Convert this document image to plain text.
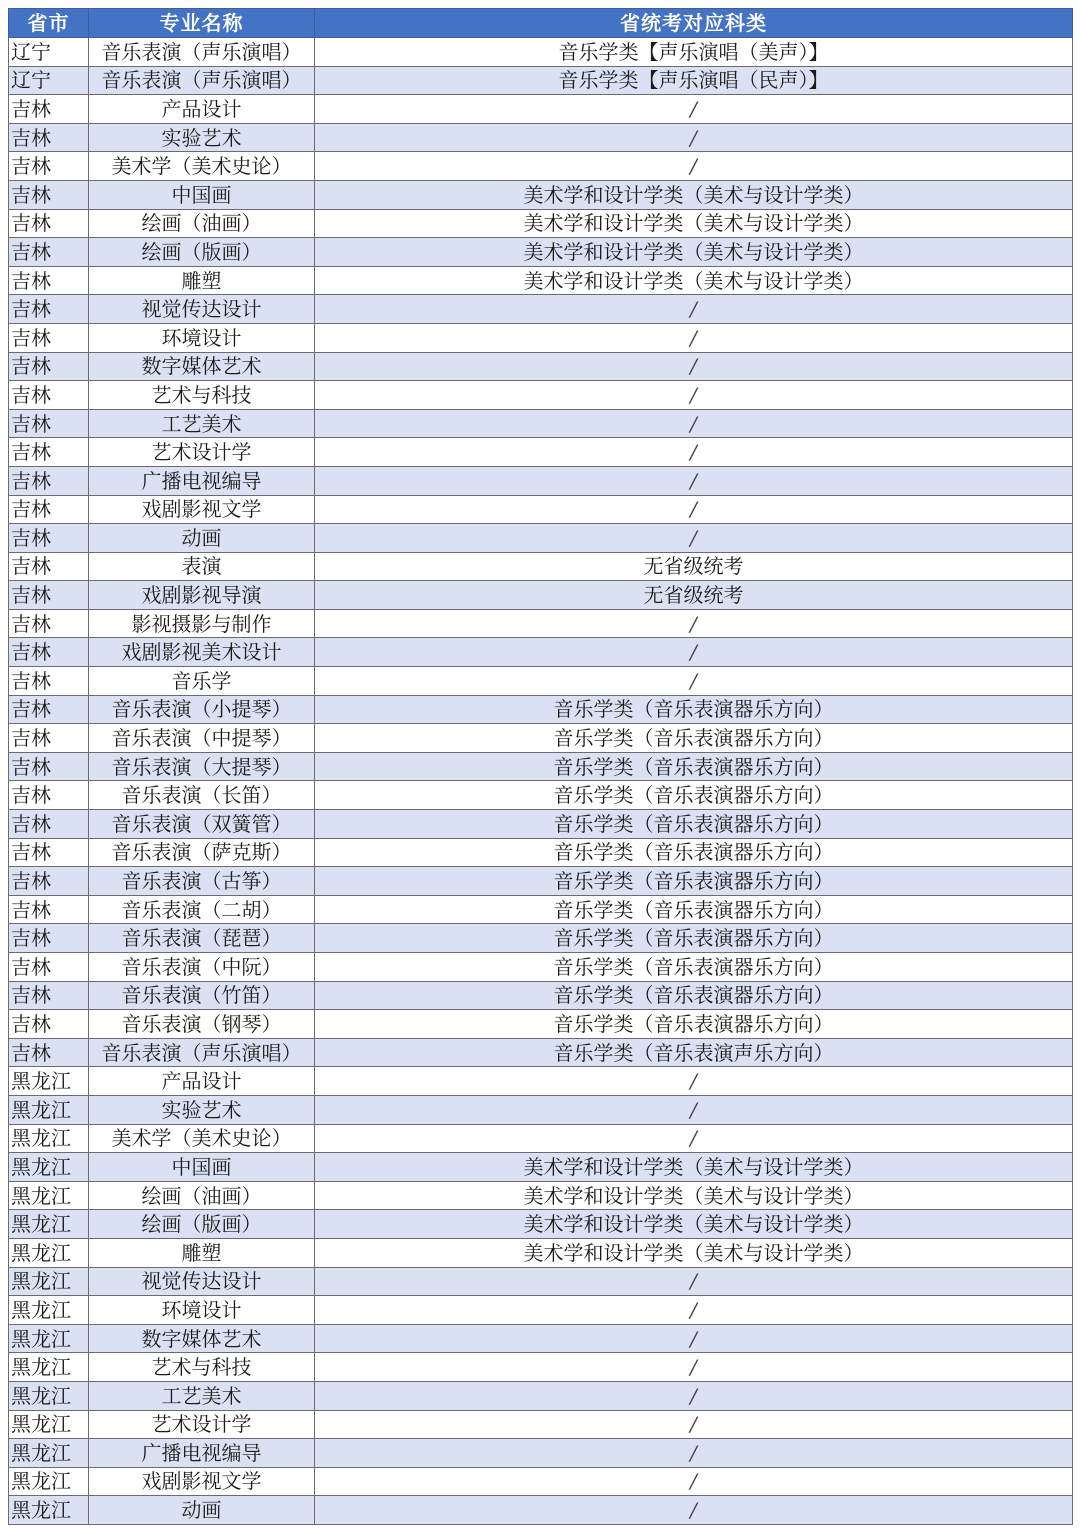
省市	专业名称	省统考对应科类
辽宁	音乐表演（声乐演唱）	音乐学类【声乐演唱（美声）】
辽宁	音乐表演（声乐演唱）	音乐学类【声乐演唱（民声）】
吉林	产品设计	/
吉林	实验艺术	/
吉林	美术学（美术史论）	/
吉林	中国画	美术学和设计学类（美术与设计学类）
吉林	绘画（油画）	美术学和设计学类（美术与设计学类）
吉林	绘画（版画）	美术学和设计学类（美术与设计学类）
吉林	雕塑	美术学和设计学类（美术与设计学类）
吉林	视觉传达设计	/
吉林	环境设计	/
吉林	数字媒体艺术	/
吉林	艺术与科技	/
吉林	工艺美术	/
吉林	艺术设计学	/
吉林	广播电视编导	/
吉林	戏剧影视文学	/
吉林	动画	/
吉林	表演	无省级统考
吉林	戏剧影视导演	无省级统考
吉林	影视摄影与制作	/
吉林	戏剧影视美术设计	/
吉林	音乐学	/
吉林	音乐表演（小提琴）	音乐学类（音乐表演器乐方向）
吉林	音乐表演（中提琴）	音乐学类（音乐表演器乐方向）
吉林	音乐表演（大提琴）	音乐学类（音乐表演器乐方向）
吉林	音乐表演（长笛）	音乐学类（音乐表演器乐方向）
吉林	音乐表演（双簧管）	音乐学类（音乐表演器乐方向）
吉林	音乐表演（萨克斯）	音乐学类（音乐表演器乐方向）
吉林	音乐表演（古筝）	音乐学类（音乐表演器乐方向）
吉林	音乐表演（二胡）	音乐学类（音乐表演器乐方向）
吉林	音乐表演（琵琶）	音乐学类（音乐表演器乐方向）
吉林	音乐表演（中阮）	音乐学类（音乐表演器乐方向）
吉林	音乐表演（竹笛）	音乐学类（音乐表演器乐方向）
吉林	音乐表演（钢琴）	音乐学类（音乐表演器乐方向）
吉林	音乐表演（声乐演唱）	音乐学类（音乐表演声乐方向）
黑龙江	产品设计	/
黑龙江	实验艺术	/
黑龙江	美术学（美术史论）	/
黑龙江	中国画	美术学和设计学类（美术与设计学类）
黑龙江	绘画（油画）	美术学和设计学类（美术与设计学类）
黑龙江	绘画（版画）	美术学和设计学类（美术与设计学类）
黑龙江	雕塑	美术学和设计学类（美术与设计学类）
黑龙江	视觉传达设计	/
黑龙江	环境设计	/
黑龙江	数字媒体艺术	/
黑龙江	艺术与科技	/
黑龙江	工艺美术	/
黑龙江	艺术设计学	/
黑龙江	广播电视编导	/
黑龙江	戏剧影视文学	/
黑龙江	动画	/
